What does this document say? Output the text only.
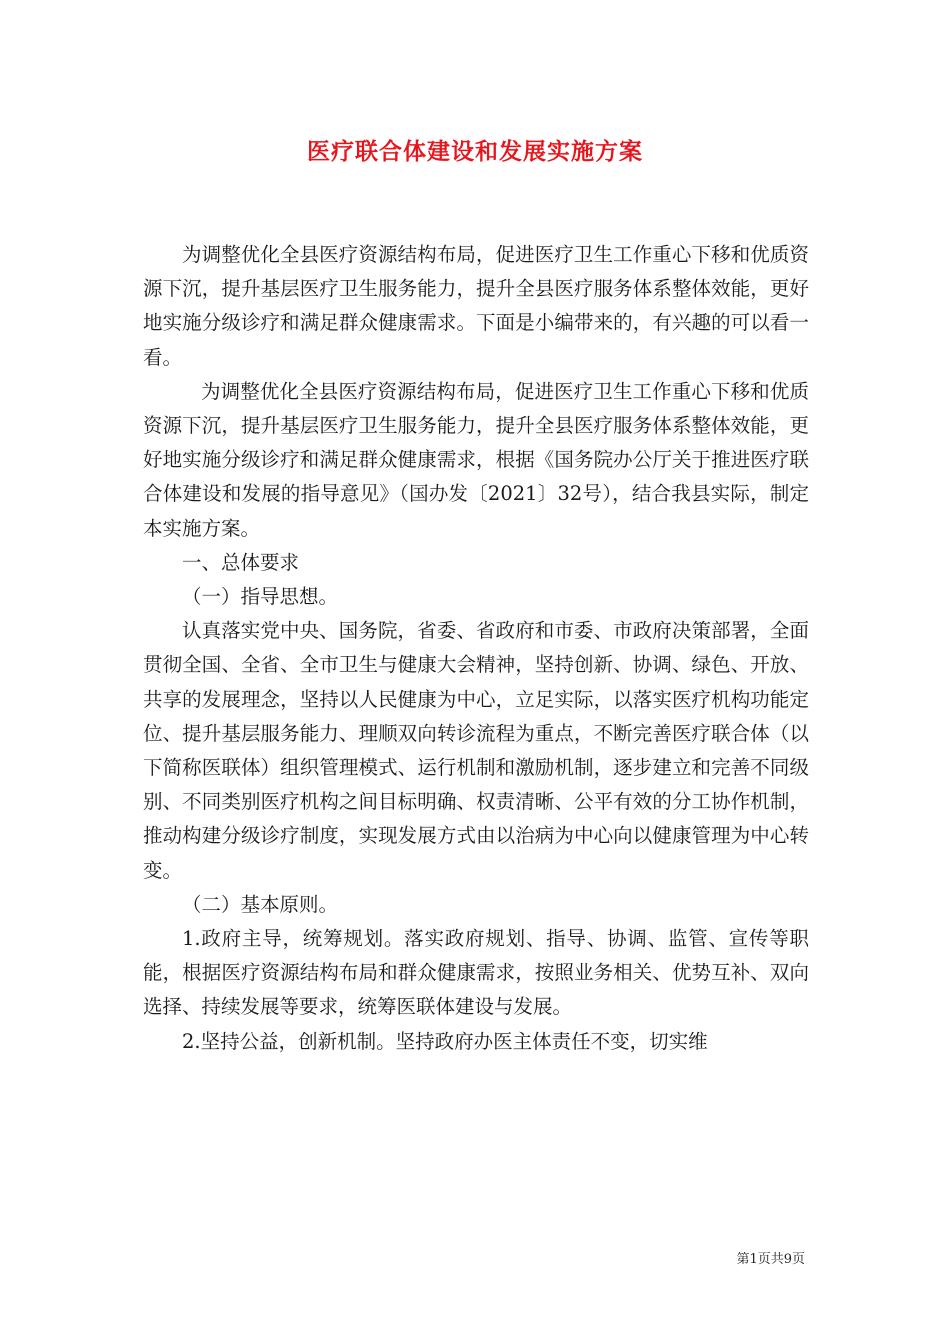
医疗联合体建设和发展实施方案

为调整优化全县医疗资源结构布局，促进医疗卫生工作重心下移和优质资源下沉，提升基层医疗卫生服务能力，提升全县医疗服务体系整体效能，更好地实施分级诊疗和满足群众健康需求。下面是小编带来的，有兴趣的可以看一看。

为调整优化全县医疗资源结构布局，促进医疗卫生工作重心下移和优质资源下沉，提升基层医疗卫生服务能力，提升全县医疗服务体系整体效能，更好地实施分级诊疗和满足群众健康需求，根据《国务院办公厅关于推进医疗联合体建设和发展的指导意见》（国办发〔2021〕32号），结合我县实际，制定本实施方案。

一、总体要求

（一）指导思想。

认真落实党中央、国务院，省委、省政府和市委、市政府决策部署，全面贯彻全国、全省、全市卫生与健康大会精神，坚持创新、协调、绿色、开放、共享的发展理念，坚持以人民健康为中心，立足实际，以落实医疗机构功能定位、提升基层服务能力、理顺双向转诊流程为重点，不断完善医疗联合体（以下简称医联体）组织管理模式、运行机制和激励机制，逐步建立和完善不同级别、不同类别医疗机构之间目标明确、权责清晰、公平有效的分工协作机制，推动构建分级诊疗制度，实现发展方式由以治病为中心向以健康管理为中心转变。

（二）基本原则。

1.政府主导，统筹规划。落实政府规划、指导、协调、监管、宣传等职能，根据医疗资源结构布局和群众健康需求，按照业务相关、优势互补、双向选择、持续发展等要求，统筹医联体建设与发展。

2.坚持公益，创新机制。坚持政府办医主体责任不变，切实维

第1页共9页
